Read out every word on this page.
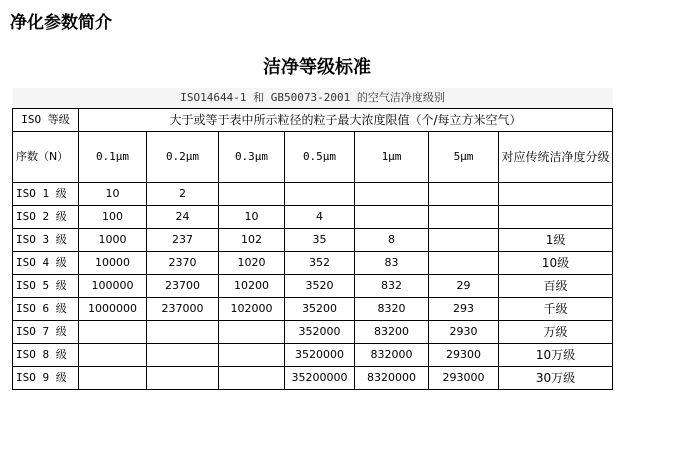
净化参数简介
洁净等级标准
ISO14644-1 和 GB50073-2001 的空气洁净度级别							
ISO 等级	大于或等于表中所示粒径的粒子最大浓度限值（个/每立方米空气）						
序数（N）	0.1μm	0.2μm	0.3μm	0.5μm	1μm	5μm	对应传统洁净度分级
ISO 1 级	10	2					
ISO 2 级	100	24	10	4			
ISO 3 级	1000	237	102	35	8		1级
ISO 4 级	10000	2370	1020	352	83		10级
ISO 5 级	100000	23700	10200	3520	832	29	百级
ISO 6 级	1000000	237000	102000	35200	8320	293	千级
ISO 7 级				352000	83200	2930	万级
ISO 8 级				3520000	832000	29300	10万级
ISO 9 级				35200000	8320000	293000	30万级
